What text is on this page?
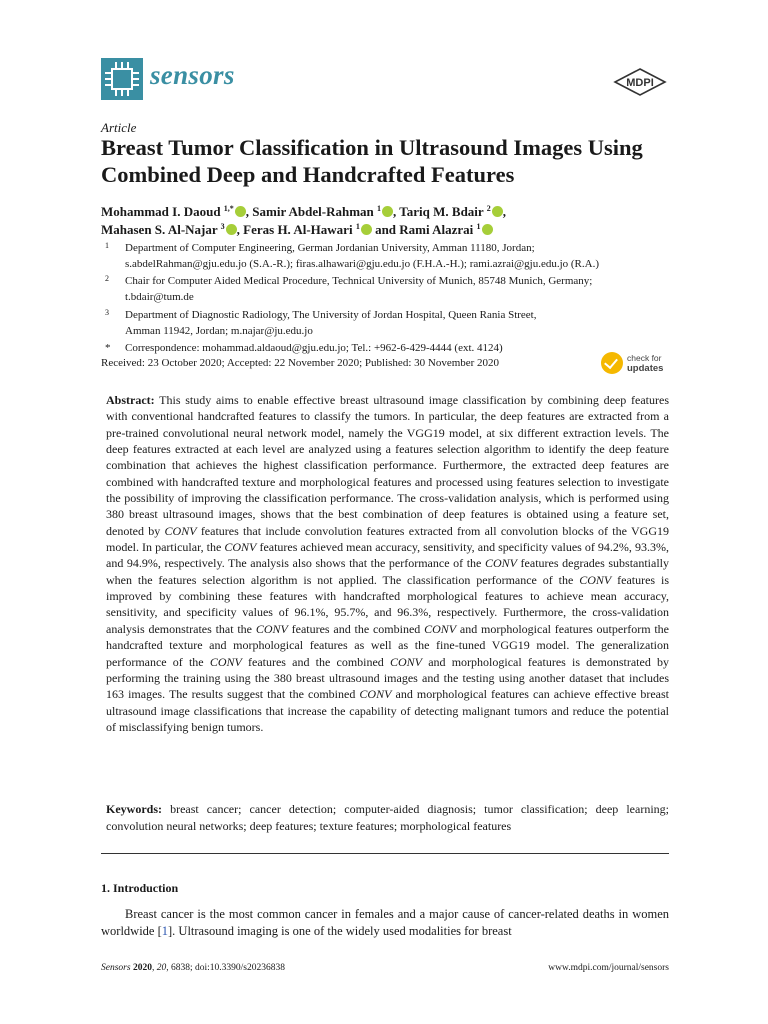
sensors	MDPI
Article
Breast Tumor Classification in Ultrasound Images Using Combined Deep and Handcrafted Features
Mohammad I. Daoud $^{1,*}$ , Samir Abdel-Rahman $^1$ , Tariq M. Bdair $^2$ ,
Mahasen S. Al-Najar $^3$ , Feras H. Al-Hawari $^1$ and Rami Alazrai $^1$
1 Department of Computer Engineering, German Jordanian University, Amman 11180, Jordan;
s.abdelRahman@gju.edu.jo (S.A.-R.); firas.alhawari@gju.edu.jo (F.H.A.-H.); rami.azrai@gju.edu.jo (R.A.)
2 Chair for Computer Aided Medical Procedure, Technical University of Munich, 85748 Munich, Germany;
t.bdair@tum.de
3 Department of Diagnostic Radiology, The University of Jordan Hospital, Queen Rania Street,
Amman 11942, Jordan; m.najar@ju.edu.jo
* Correspondence: mohammad.aldaoud@gju.edu.jo; Tel.: +962-6-429-4444 (ext. 4124)
Received: 23 October 2020; Accepted: 22 November 2020; Published: 30 November 2020	check for
updates
Abstract: This study aims to enable effective breast ultrasound image classification by combining deep features with conventional handcrafted features to classify the tumors. In particular, the deep features are extracted from a pre-trained convolutional neural network model, namely the VGG19 model, at six different extraction levels. The deep features extracted at each level are analyzed using a features selection algorithm to identify the deep feature combination that achieves the highest classification performance. Furthermore, the extracted deep features are combined with handcrafted texture and morphological features and processed using features selection to investigate the possibility of improving the classification performance. The cross-validation analysis, which is performed using 380 breast ultrasound images, shows that the best combination of deep features is obtained using a feature set, denoted by CONV features that include convolution features extracted from all convolution blocks of the VGG19 model. In particular, the CONV features achieved mean accuracy, sensitivity, and specificity values of 94.2%, 93.3%, and 94.9%, respectively. The analysis also shows that the performance of the CONV features degrades substantially when the features selection algorithm is not applied. The classification performance of the CONV features is improved by combining these features with handcrafted morphological features to achieve mean accuracy, sensitivity, and specificity values of 96.1%, 95.7%, and 96.3%, respectively. Furthermore, the cross-validation analysis demonstrates that the CONV features and the combined CONV and morphological features outperform the handcrafted texture and morphological features as well as the fine-tuned VGG19 model. The generalization performance of the CONV features and the combined CONV and morphological features is demonstrated by performing the training using the 380 breast ultrasound images and the testing using another dataset that includes 163 images. The results suggest that the combined CONV and morphological features can achieve effective breast ultrasound image classifications that increase the capability of detecting malignant tumors and reduce the potential of misclassifying benign tumors.
Keywords: breast cancer; cancer detection; computer-aided diagnosis; tumor classification; deep learning; convolution neural networks; deep features; texture features; morphological features
1. Introduction
Breast cancer is the most common cancer in females and a major cause of cancer-related deaths in women worldwide [1]. Ultrasound imaging is one of the widely used modalities for breast
Sensors 2020, 20, 6838; doi:10.3390/s20236838	www.mdpi.com/journal/sensors
